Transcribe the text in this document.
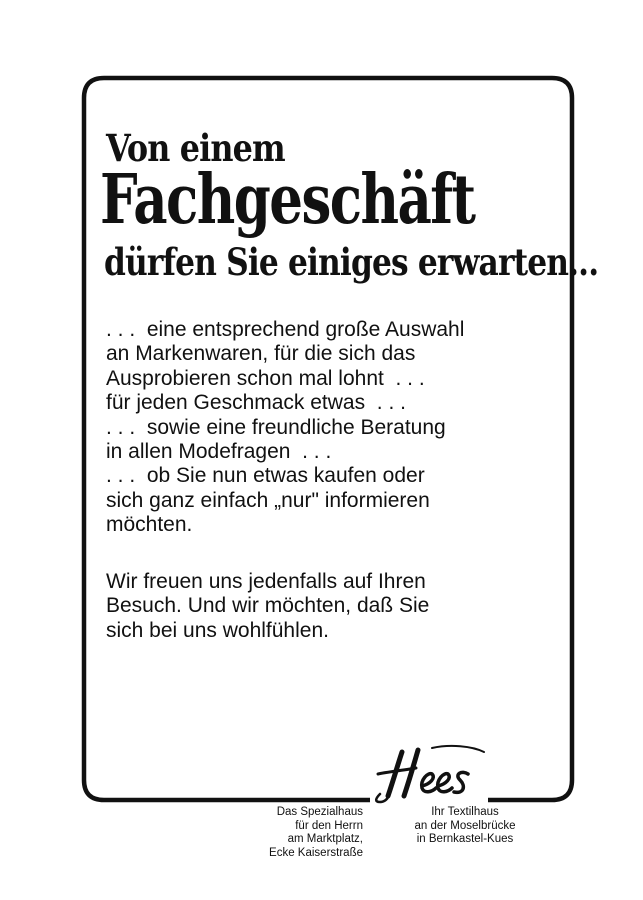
Von einem
Fachgeschäft
dürfen Sie einiges erwarten...
. . .  eine entsprechend große Auswahl
an Markenwaren, für die sich das
Ausprobieren schon mal lohnt  . . .
für jeden Geschmack etwas  . . .
. . .  sowie eine freundliche Beratung
in allen Modefragen  . . .
. . .  ob Sie nun etwas kaufen oder
sich ganz einfach „nur" informieren
möchten.
Wir freuen uns jedenfalls auf Ihren
Besuch. Und wir möchten, daß Sie
sich bei uns wohlfühlen.
Das Spezialhaus
für den Herrn
am Marktplatz,
Ecke Kaiserstraße
Ihr Textilhaus
an der Moselbrücke
in Bernkastel-Kues
